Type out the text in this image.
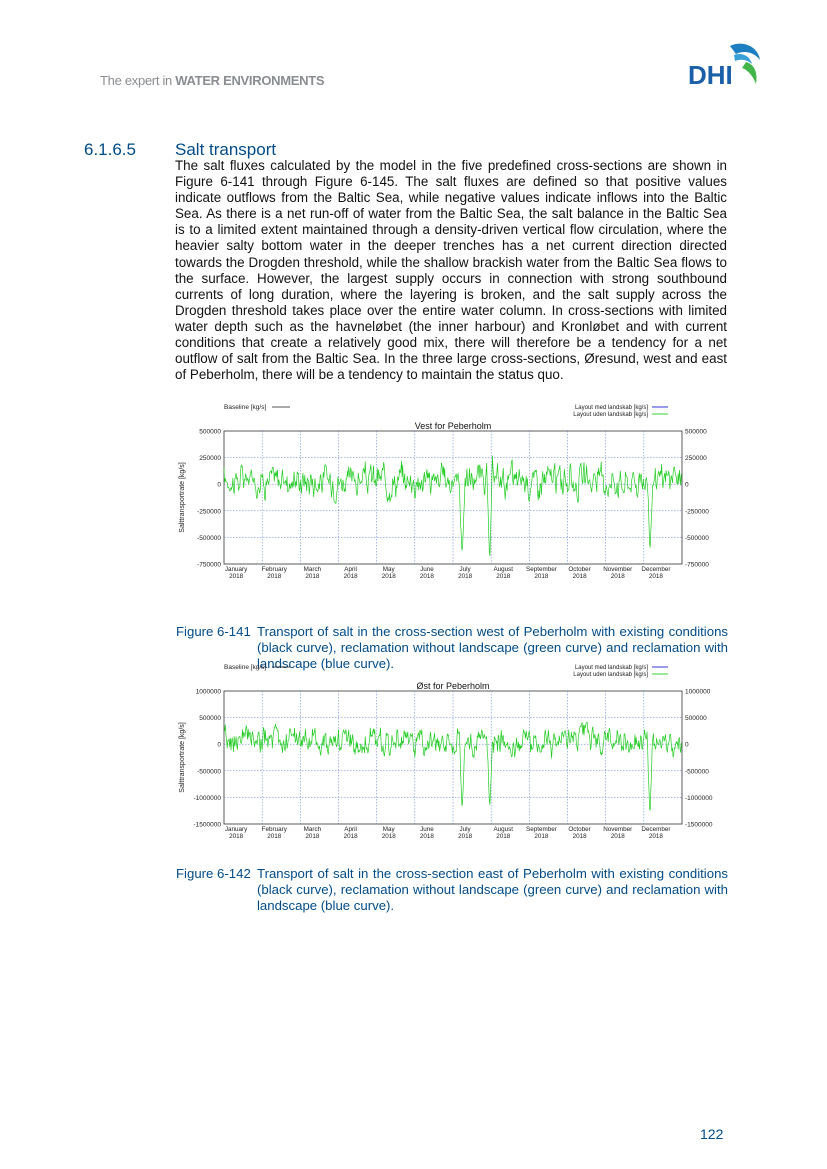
The expert in WATER ENVIRONMENTS	DHI
6.1.6.5 Salt transport
The salt fluxes calculated by the model in the five predefined cross-sections are shown in Figure 6-141 through Figure 6-145. The salt fluxes are defined so that positive values indicate outflows from the Baltic Sea, while negative values indicate inflows into the Baltic Sea. As there is a net run-off of water from the Baltic Sea, the salt balance in the Baltic Sea is to a limited extent maintained through a density-driven vertical flow circulation, where the heavier salty bottom water in the deeper trenches has a net current direction directed towards the Drogden threshold, while the shallow brackish water from the Baltic Sea flows to the surface. However, the largest supply occurs in connection with strong southbound currents of long duration, where the layering is broken, and the salt supply across the Drogden threshold takes place over the entire water column. In cross-sections with limited water depth such as the havneløbet (the inner harbour) and Kronløbet and with current conditions that create a relatively good mix, there will therefore be a tendency for a net outflow of salt from the Baltic Sea. In the three large cross-sections, Øresund, west and east of Peberholm, there will be a tendency to maintain the status quo.
Baseline [kg/s]	Layout med landskab [kg/s]
Layout uden landskab [kg/s]
Vest for Peberholm
500000	500000
250000	250000
0	0
-250000	-250000
-500000	-500000
-750000	-750000
Salttransportrate [kg/s]
January
2018
February
2018
March
2018
April
2018
May
2018
June
2018
July
2018
August
2018
September
2018
October
2018
November
2018
December
2018
Figure 6-141 Transport of salt in the cross-section west of Peberholm with existing conditions (black curve), reclamation without landscape (green curve) and reclamation with landscape (blue curve).
Baseline [kg/s]	Layout med landskab [kg/s]
Layout uden landskab [kg/s]
Øst for Peberholm
1000000	1000000
500000	500000
0	0
-500000	-500000
-1000000	-1000000
-1500000	-1500000
Salttransportrate [kg/s]
January
2018
February
2018
March
2018
April
2018
May
2018
June
2018
July
2018
August
2018
September
2018
October
2018
November
2018
December
2018
Figure 6-142 Transport of salt in the cross-section east of Peberholm with existing conditions (black curve), reclamation without landscape (green curve) and reclamation with landscape (blue curve).
122
